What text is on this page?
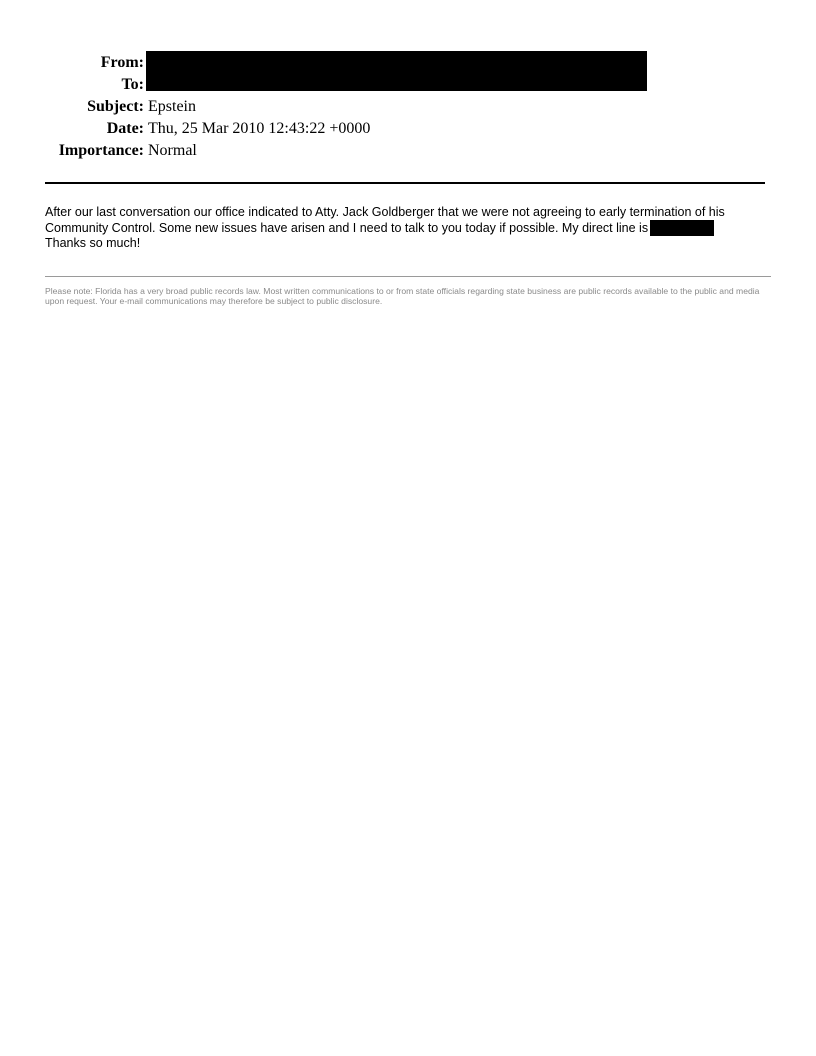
From:
To:
Subject: Epstein
Date: Thu, 25 Mar 2010 12:43:22 +0000
Importance: Normal
After our last conversation our office indicated to Atty. Jack Goldberger that we were not agreeing to early termination of his
Community Control. Some new issues have arisen and I need to talk to you today if possible. My direct line is
Thanks so much!
Please note: Florida has a very broad public records law. Most written communications to or from state officials regarding state business are public records available to the public and media upon request. Your e-mail communications may therefore be subject to public disclosure.
